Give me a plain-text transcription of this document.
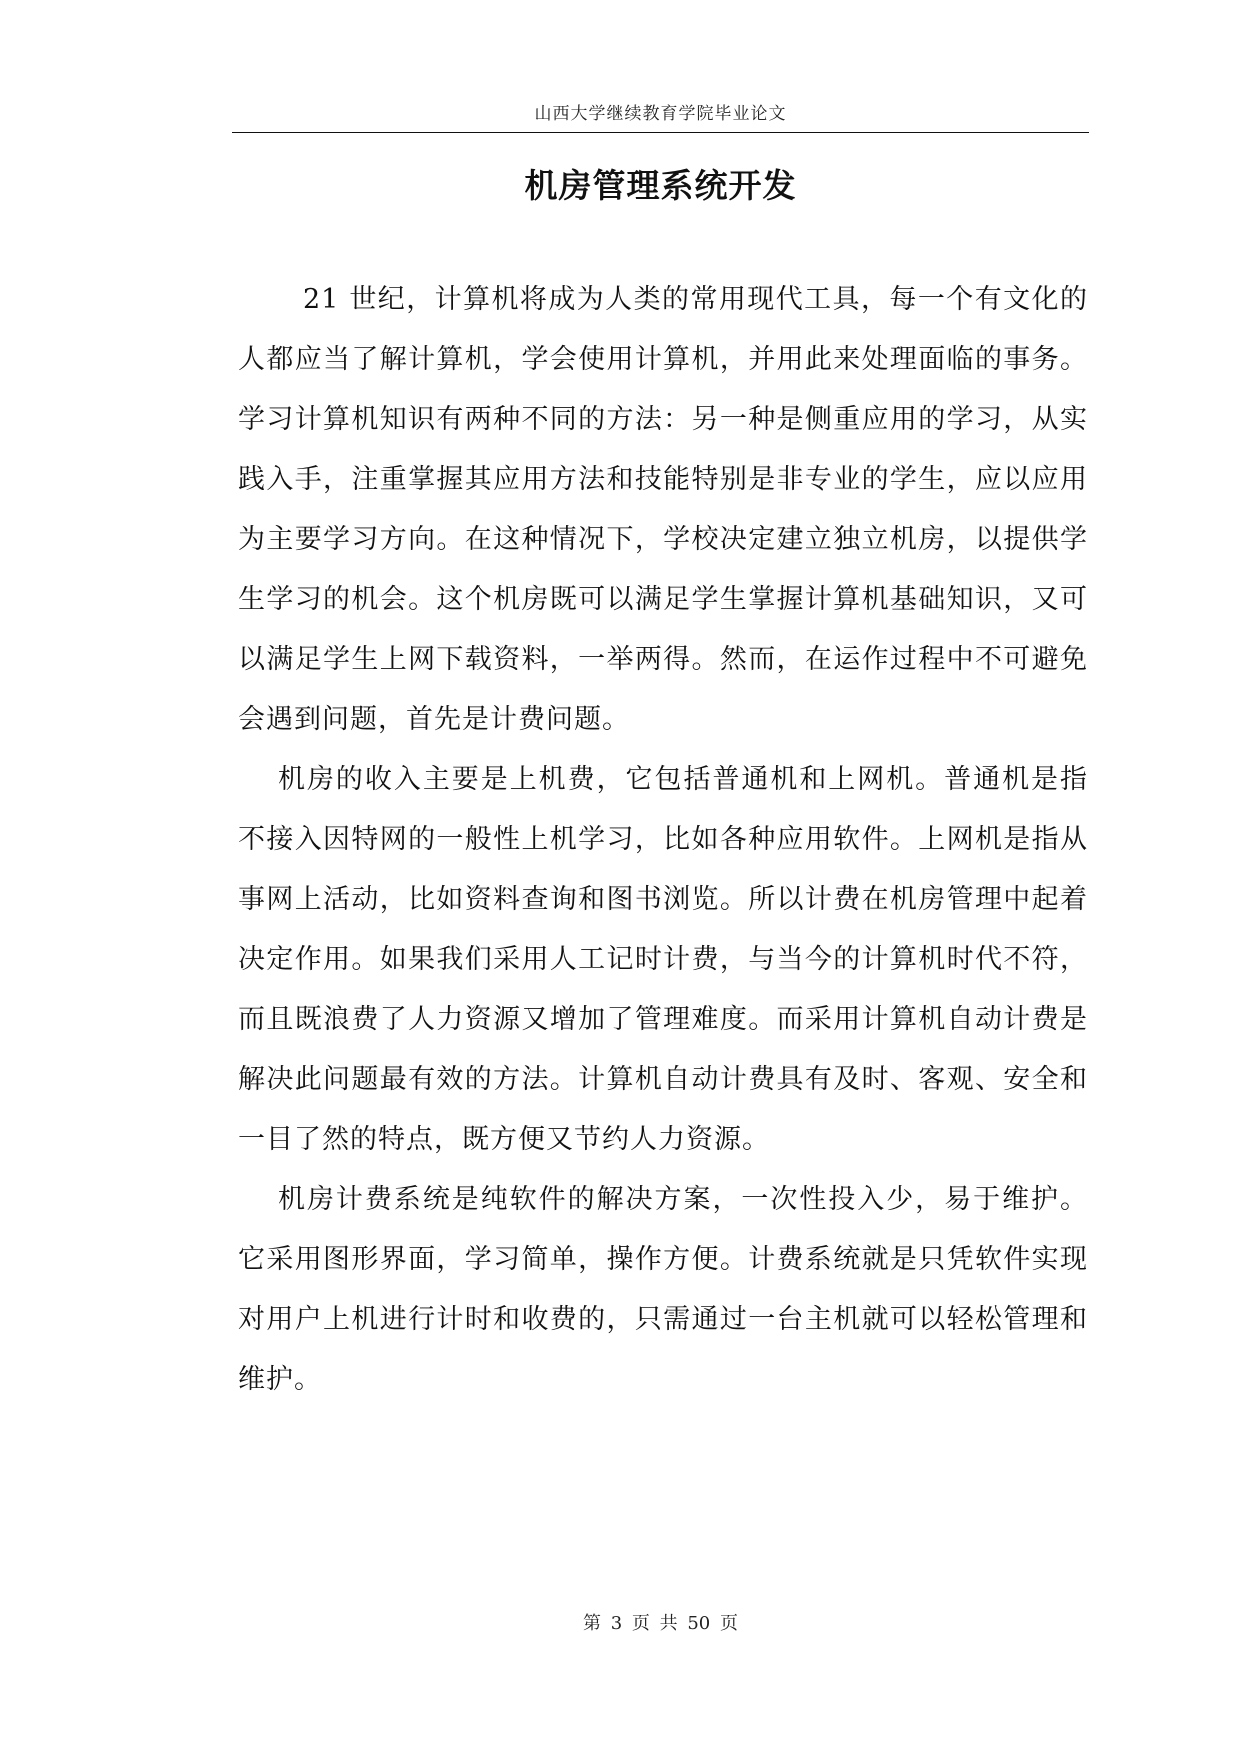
山西大学继续教育学院毕业论文
机房管理系统开发

21 世纪，计算机将成为人类的常用现代工具，每一个有文化的人都应当了解计算机，学会使用计算机，并用此来处理面临的事务。学习计算机知识有两种不同的方法：另一种是侧重应用的学习，从实践入手，注重掌握其应用方法和技能特别是非专业的学生，应以应用为主要学习方向。在这种情况下，学校决定建立独立机房，以提供学生学习的机会。这个机房既可以满足学生掌握计算机基础知识，又可以满足学生上网下载资料，一举两得。然而，在运作过程中不可避免会遇到问题，首先是计费问题。

机房的收入主要是上机费，它包括普通机和上网机。普通机是指不接入因特网的一般性上机学习，比如各种应用软件。上网机是指从事网上活动，比如资料查询和图书浏览。所以计费在机房管理中起着决定作用。如果我们采用人工记时计费，与当今的计算机时代不符，而且既浪费了人力资源又增加了管理难度。而采用计算机自动计费是解决此问题最有效的方法。计算机自动计费具有及时、客观、安全和一目了然的特点，既方便又节约人力资源。

机房计费系统是纯软件的解决方案，一次性投入少，易于维护。它采用图形界面，学习简单，操作方便。计费系统就是只凭软件实现对用户上机进行计时和收费的，只需通过一台主机就可以轻松管理和维护。

第 3 页 共 50 页
